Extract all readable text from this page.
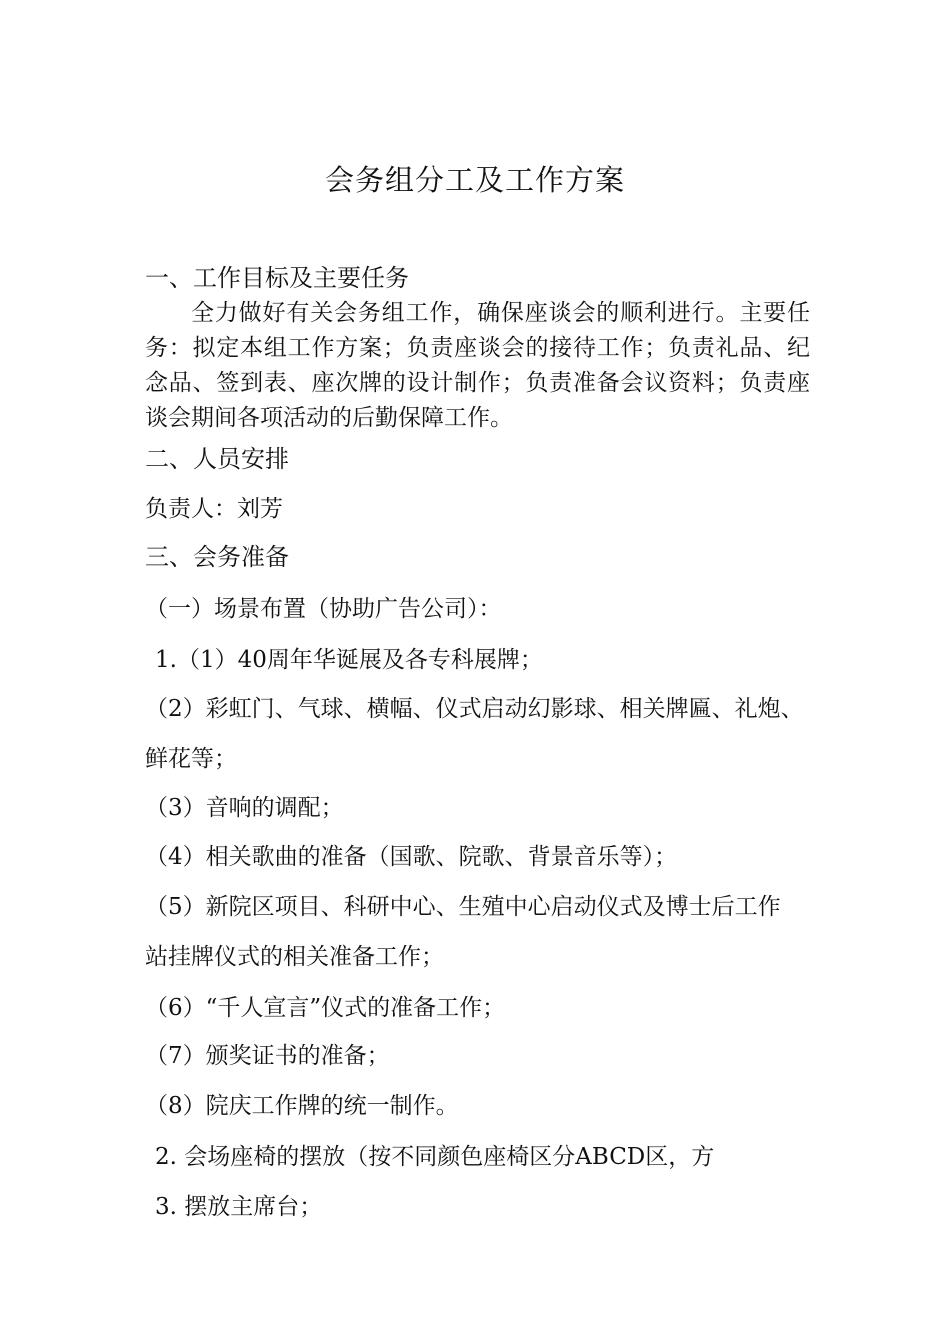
会务组分工及工作方案
一、工作目标及主要任务
全力做好有关会务组工作，确保座谈会的顺利进行。主要任务：拟定本组工作方案；负责座谈会的接待工作；负责礼品、纪念品、签到表、座次牌的设计制作；负责准备会议资料；负责座谈会期间各项活动的后勤保障工作。
二、人员安排
负责人：刘芳
三、会务准备
（一）场景布置（协助广告公司）：
1.（1）40周年华诞展及各专科展牌；
（2）彩虹门、气球、横幅、仪式启动幻影球、相关牌匾、礼炮、
鲜花等；
（3）音响的调配；
（4）相关歌曲的准备（国歌、院歌、背景音乐等）；
（5）新院区项目、科研中心、生殖中心启动仪式及博士后工作
站挂牌仪式的相关准备工作；
（6）“千人宣言”仪式的准备工作；
（7）颁奖证书的准备；
（8）院庆工作牌的统一制作。
2. 会场座椅的摆放（按不同颜色座椅区分ABCD区，方
3. 摆放主席台；
